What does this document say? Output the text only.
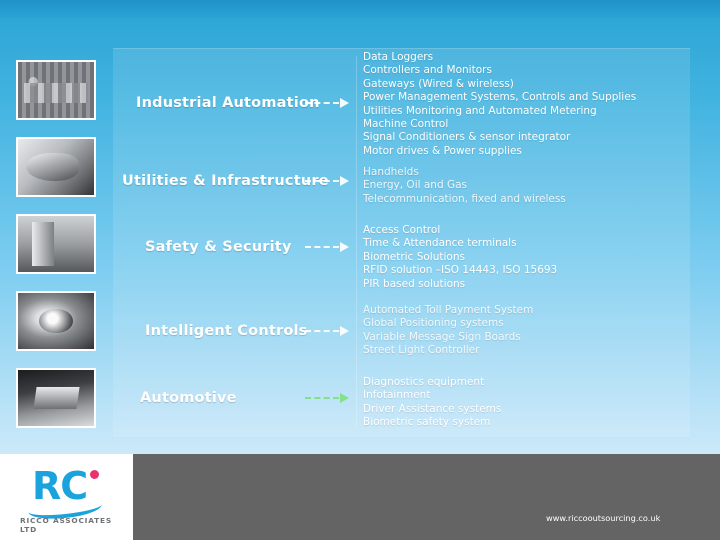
Industrial Automation
Utilities & Infrastructure
Safety & Security
Intelligent Controls
Automotive
Data Loggers
Controllers and Monitors
Gateways (Wired & wireless)
Power Management Systems, Controls and Supplies
Utilities Monitoring and Automated Metering
Machine Control
Signal Conditioners & sensor integrator
Motor drives & Power supplies
Handhelds
Energy, Oil and Gas
Telecommunication, fixed and wireless
Access Control
Time & Attendance terminals
Biometric Solutions
RFID solution –ISO 14443, ISO 15693
PIR based solutions
Automated Toll Payment System
Global Positioning systems
Variable Message Sign Boards
Street Light Controller
Diagnostics equipment
Infotainment
Driver Assistance systems
Biometric safety system
RC
RICCO ASSOCIATES LTD
www.riccooutsourcing.co.uk
